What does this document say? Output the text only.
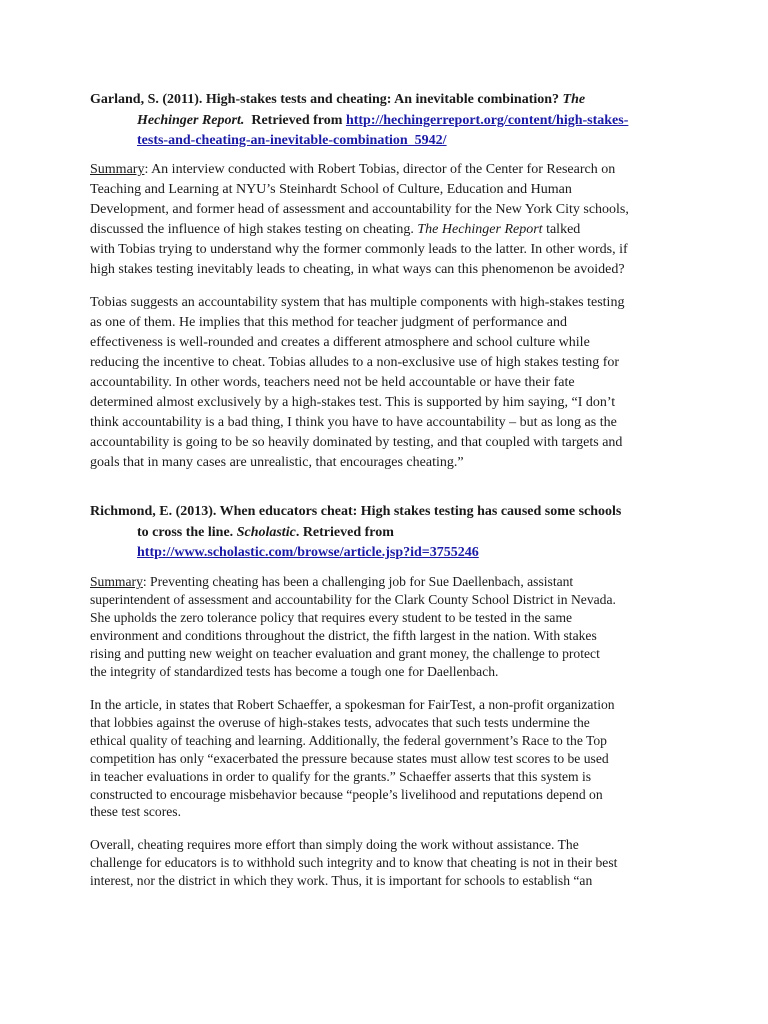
Garland, S. (2011). High-stakes tests and cheating: An inevitable combination? The
Hechinger Report.  Retrieved from http://hechingerreport.org/content/high-stakes-
tests-and-cheating-an-inevitable-combination_5942/
Summary: An interview conducted with Robert Tobias, director of the Center for Research on
Teaching and Learning at NYU’s Steinhardt School of Culture, Education and Human
Development, and former head of assessment and accountability for the New York City schools,
discussed the influence of high stakes testing on cheating. The Hechinger Report talked
with Tobias trying to understand why the former commonly leads to the latter. In other words, if
high stakes testing inevitably leads to cheating, in what ways can this phenomenon be avoided?
Tobias suggests an accountability system that has multiple components with high-stakes testing
as one of them. He implies that this method for teacher judgment of performance and
effectiveness is well-rounded and creates a different atmosphere and school culture while
reducing the incentive to cheat. Tobias alludes to a non-exclusive use of high stakes testing for
accountability. In other words, teachers need not be held accountable or have their fate
determined almost exclusively by a high-stakes test. This is supported by him saying, “I don’t
think accountability is a bad thing, I think you have to have accountability – but as long as the
accountability is going to be so heavily dominated by testing, and that coupled with targets and
goals that in many cases are unrealistic, that encourages cheating.”
Richmond, E. (2013). When educators cheat: High stakes testing has caused some schools
to cross the line. Scholastic. Retrieved from
http://www.scholastic.com/browse/article.jsp?id=3755246
Summary: Preventing cheating has been a challenging job for Sue Daellenbach, assistant
superintendent of assessment and accountability for the Clark County School District in Nevada.
She upholds the zero tolerance policy that requires every student to be tested in the same
environment and conditions throughout the district, the fifth largest in the nation. With stakes
rising and putting new weight on teacher evaluation and grant money, the challenge to protect
the integrity of standardized tests has become a tough one for Daellenbach.
In the article, in states that Robert Schaeffer, a spokesman for FairTest, a non-profit organization
that lobbies against the overuse of high-stakes tests, advocates that such tests undermine the
ethical quality of teaching and learning. Additionally, the federal government’s Race to the Top
competition has only “exacerbated the pressure because states must allow test scores to be used
in teacher evaluations in order to qualify for the grants.” Schaeffer asserts that this system is
constructed to encourage misbehavior because “people’s livelihood and reputations depend on
these test scores.
Overall, cheating requires more effort than simply doing the work without assistance. The
challenge for educators is to withhold such integrity and to know that cheating is not in their best
interest, nor the district in which they work. Thus, it is important for schools to establish “an
